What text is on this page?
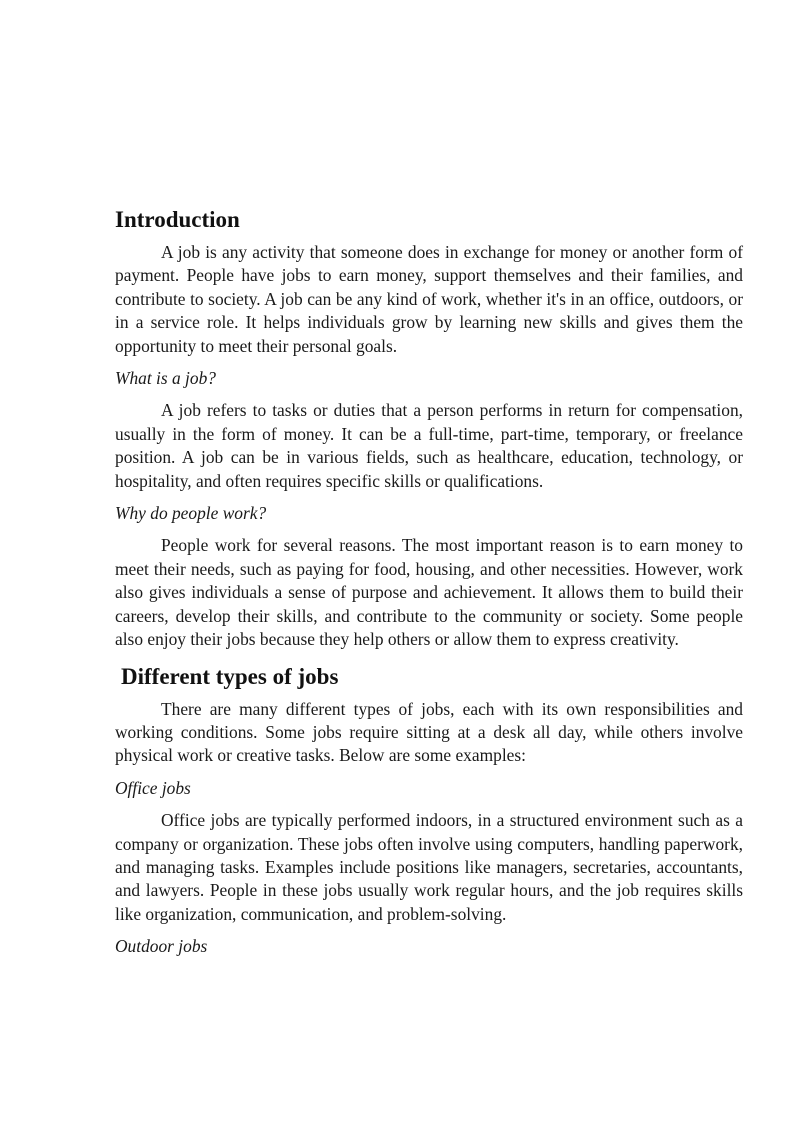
Introduction

A job is any activity that someone does in exchange for money or another form of payment. People have jobs to earn money, support themselves and their families, and contribute to society. A job can be any kind of work, whether it's in an office, outdoors, or in a service role. It helps individuals grow by learning new skills and gives them the opportunity to meet their personal goals.

What is a job?

A job refers to tasks or duties that a person performs in return for compensation, usually in the form of money. It can be a full-time, part-time, temporary, or freelance position. A job can be in various fields, such as healthcare, education, technology, or hospitality, and often requires specific skills or qualifications.

Why do people work?

People work for several reasons. The most important reason is to earn money to meet their needs, such as paying for food, housing, and other necessities. However, work also gives individuals a sense of purpose and achievement. It allows them to build their careers, develop their skills, and contribute to the community or society. Some people also enjoy their jobs because they help others or allow them to express creativity.

Different types of jobs

There are many different types of jobs, each with its own responsibilities and working conditions. Some jobs require sitting at a desk all day, while others involve physical work or creative tasks. Below are some examples:

Office jobs

Office jobs are typically performed indoors, in a structured environment such as a company or organization. These jobs often involve using computers, handling paperwork, and managing tasks. Examples include positions like managers, secretaries, accountants, and lawyers. People in these jobs usually work regular hours, and the job requires skills like organization, communication, and problem-solving.

Outdoor jobs
